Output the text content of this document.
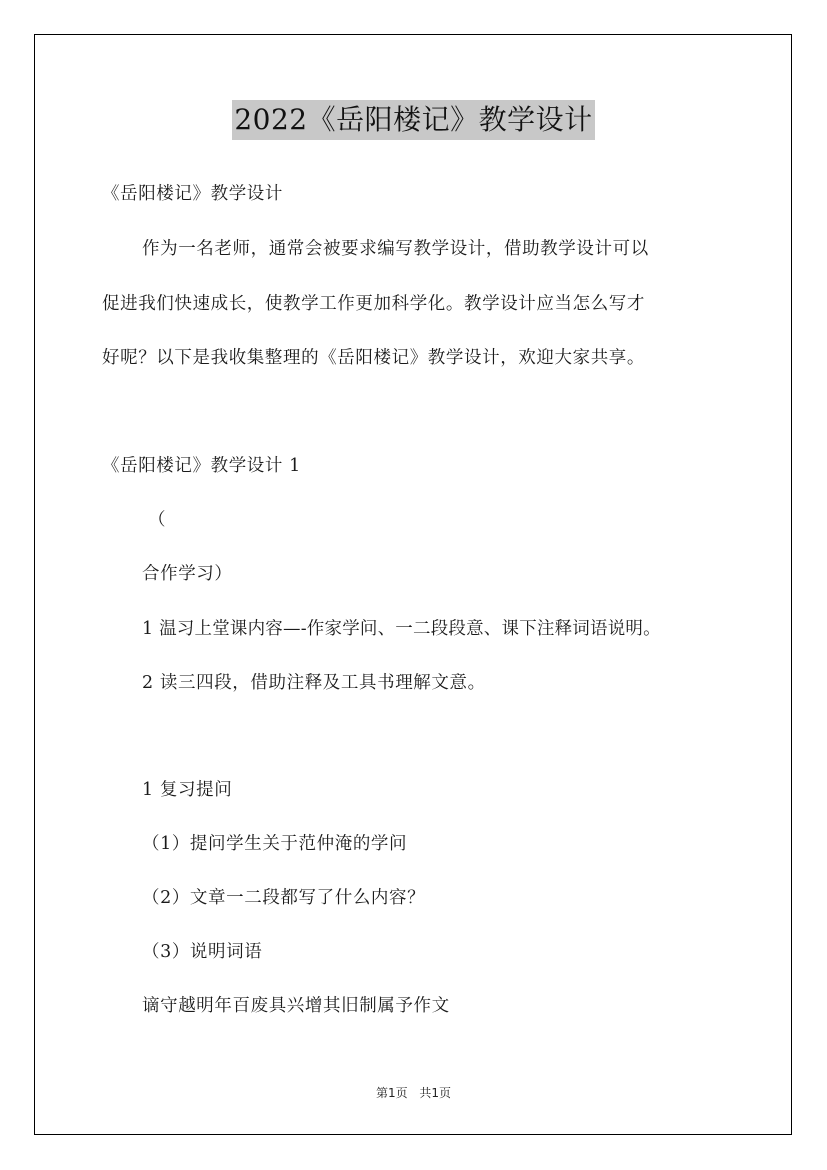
2022《岳阳楼记》教学设计
《岳阳楼记》教学设计
作为一名老师，通常会被要求编写教学设计，借助教学设计可以
促进我们快速成长，使教学工作更加科学化。教学设计应当怎么写才
好呢？以下是我收集整理的《岳阳楼记》教学设计，欢迎大家共享。
《岳阳楼记》教学设计 1
（
合作学习）
1 温习上堂课内容—-作家学问、一二段段意、课下注释词语说明。
2 读三四段，借助注释及工具书理解文意。
1 复习提问
（1）提问学生关于范仲淹的学问
（2）文章一二段都写了什么内容？
（3）说明词语
谪守越明年百废具兴增其旧制属予作文
第1页 共1页
